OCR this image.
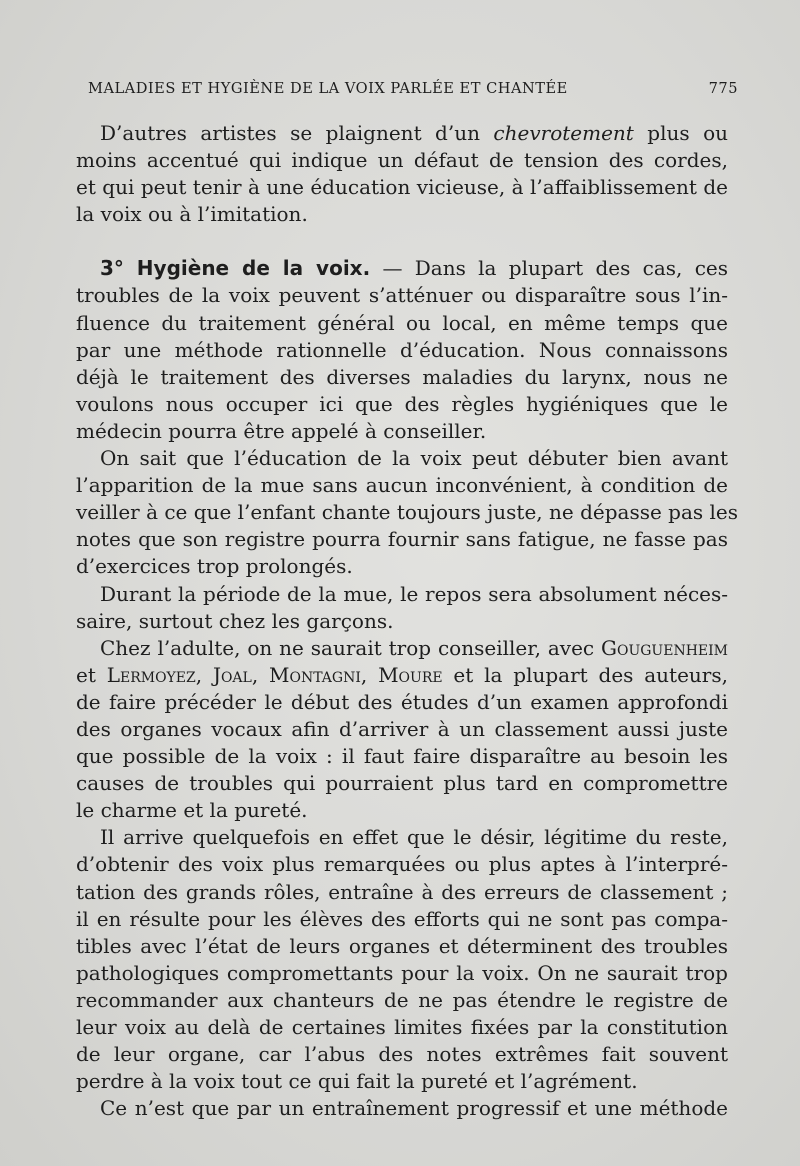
MALADIES ET HYGIÈNE DE LA VOIX PARLÉE ET CHANTÉE	775
D’autres artistes se plaignent d’un chevrotement plus ou
moins accentué qui indique un défaut de tension des cordes,
et qui peut tenir à une éducation vicieuse, à l’affaiblissement de
la voix ou à l’imitation.
3° Hygiène de la voix. — Dans la plupart des cas, ces
troubles de la voix peuvent s’atténuer ou disparaître sous l’in-
fluence du traitement général ou local, en même temps que
par une méthode rationnelle d’éducation. Nous connaissons
déjà le traitement des diverses maladies du larynx, nous ne
voulons nous occuper ici que des règles hygiéniques que le
médecin pourra être appelé à conseiller.
On sait que l’éducation de la voix peut débuter bien avant
l’apparition de la mue sans aucun inconvénient, à condition de
veiller à ce que l’enfant chante toujours juste, ne dépasse pas les
notes que son registre pourra fournir sans fatigue, ne fasse pas
d’exercices trop prolongés.
Durant la période de la mue, le repos sera absolument néces-
saire, surtout chez les garçons.
Chez l’adulte, on ne saurait trop conseiller, avec Gouguenheim
et Lermoyez, Joal, Montagni, Moure et la plupart des auteurs,
de faire précéder le début des études d’un examen approfondi
des organes vocaux afin d’arriver à un classement aussi juste
que possible de la voix : il faut faire disparaître au besoin les
causes de troubles qui pourraient plus tard en compromettre
le charme et la pureté.
Il arrive quelquefois en effet que le désir, légitime du reste,
d’obtenir des voix plus remarquées ou plus aptes à l’interpré-
tation des grands rôles, entraîne à des erreurs de classement ;
il en résulte pour les élèves des efforts qui ne sont pas compa-
tibles avec l’état de leurs organes et déterminent des troubles
pathologiques compromettants pour la voix. On ne saurait trop
recommander aux chanteurs de ne pas étendre le registre de
leur voix au delà de certaines limites fixées par la constitution
de leur organe, car l’abus des notes extrêmes fait souvent
perdre à la voix tout ce qui fait la pureté et l’agrément.
Ce n’est que par un entraînement progressif et une méthode
